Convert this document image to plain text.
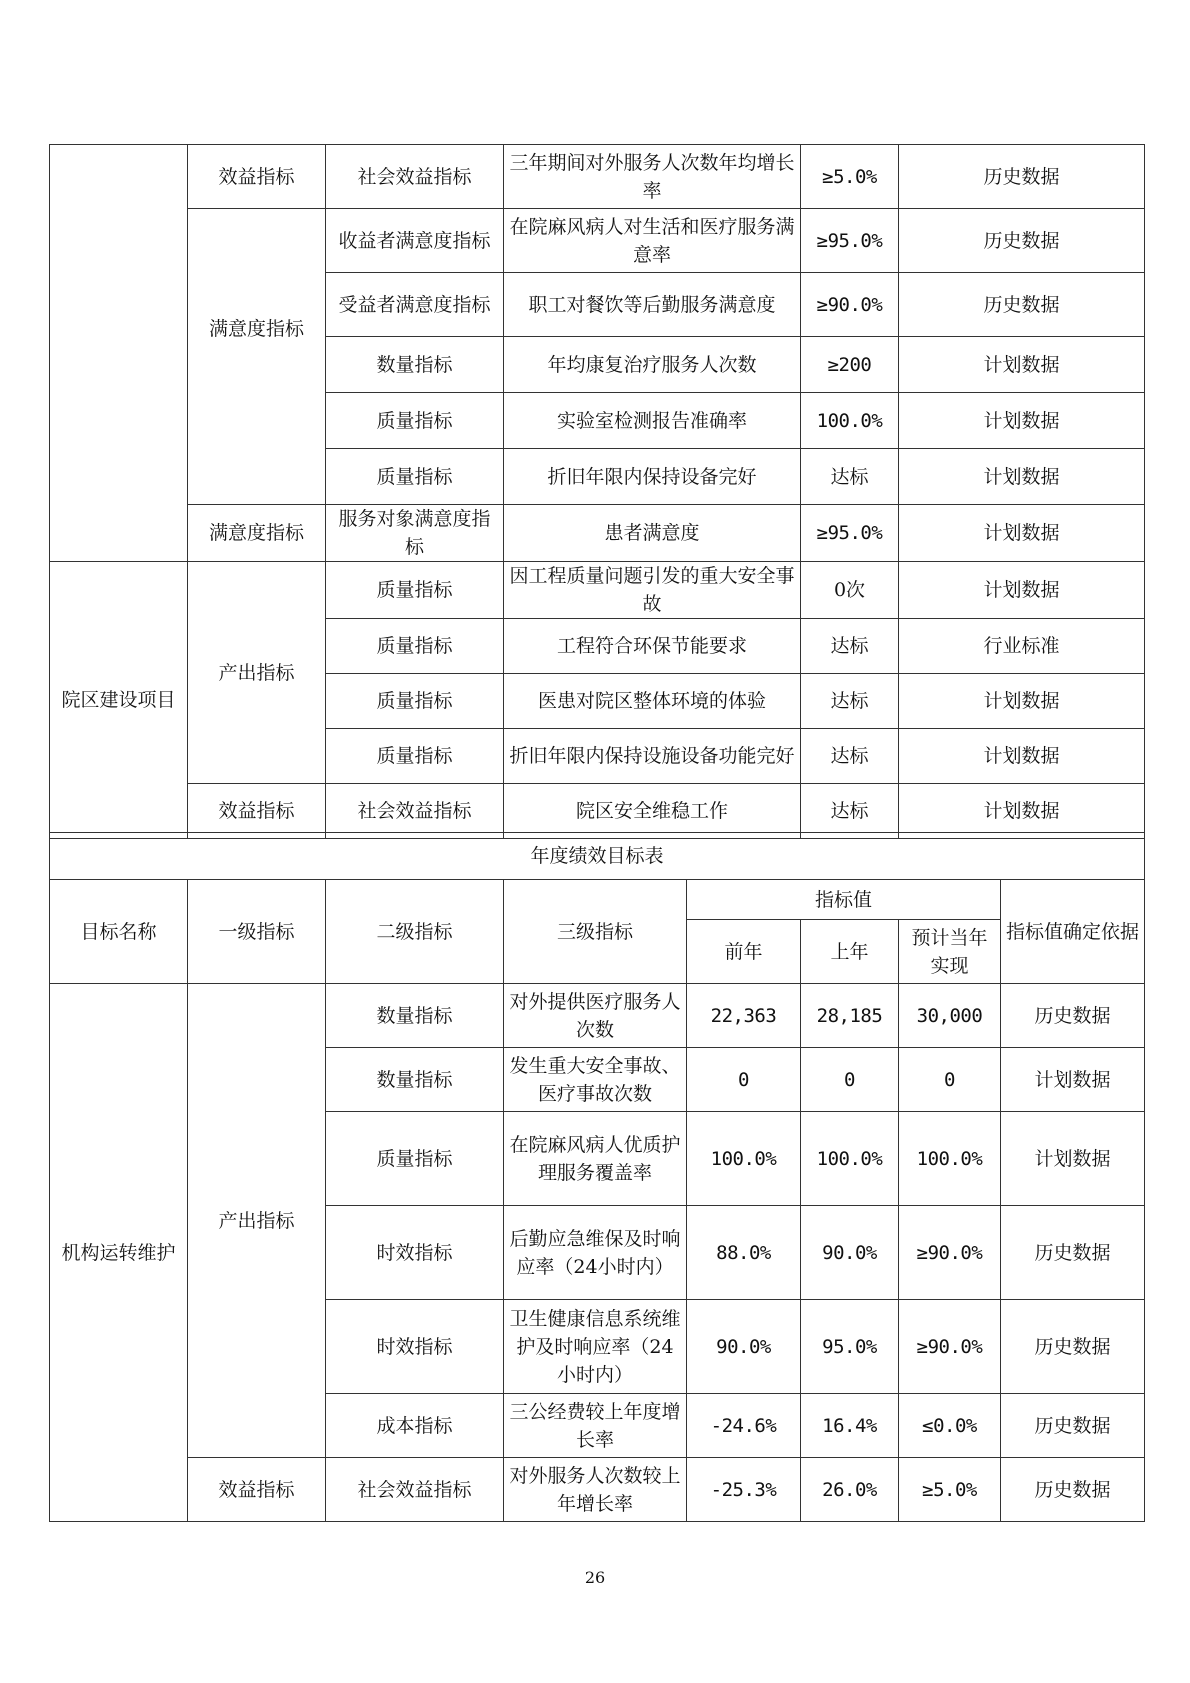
	效益指标	社会效益指标	三年期间对外服务人次数年均增长率	≥5.0%	历史数据
		收益者满意度指标	在院麻风病人对生活和医疗服务满意率	≥95.0%	历史数据
		受益者满意度指标	职工对餐饮等后勤服务满意度	≥90.0%	历史数据

	满意度指标	数量指标	年均康复治疗服务人次数	≥200	计划数据
		质量指标	实验室检测报告准确率	100.0%	计划数据
		质量指标	折旧年限内保持设备完好	达标	计划数据
	满意度指标	服务对象满意度指标	患者满意度	≥95.0%	计划数据
院区建设项目	产出指标	质量指标	因工程质量问题引发的重大安全事故	0次	计划数据
		质量指标	工程符合环保节能要求	达标	行业标准
		质量指标	医患对院区整体环境的体验	达标	计划数据
		质量指标	折旧年限内保持设施设备功能完好	达标	计划数据
	效益指标	社会效益指标	院区安全维稳工作	达标	计划数据
年度绩效目标表							
目标名称	一级指标	二级指标	三级指标	指标值			指标值确定依据
				前年	上年	预计当年实现	
机构运转维护	产出指标	数量指标	对外提供医疗服务人次数	22,363	28,185	30,000	历史数据
		数量指标	发生重大安全事故、医疗事故次数	0	0	0	计划数据
		质量指标	在院麻风病人优质护理服务覆盖率	100.0%	100.0%	100.0%	计划数据
		时效指标	后勤应急维保及时响应率（24小时内）	88.0%	90.0%	≥90.0%	历史数据
		时效指标	卫生健康信息系统维护及时响应率（24小时内）	90.0%	95.0%	≥90.0%	历史数据
		成本指标	三公经费较上年度增长率	-24.6%	16.4%	≤0.0%	历史数据
	效益指标	社会效益指标	对外服务人次数较上年增长率	-25.3%	26.0%	≥5.0%	历史数据
26
